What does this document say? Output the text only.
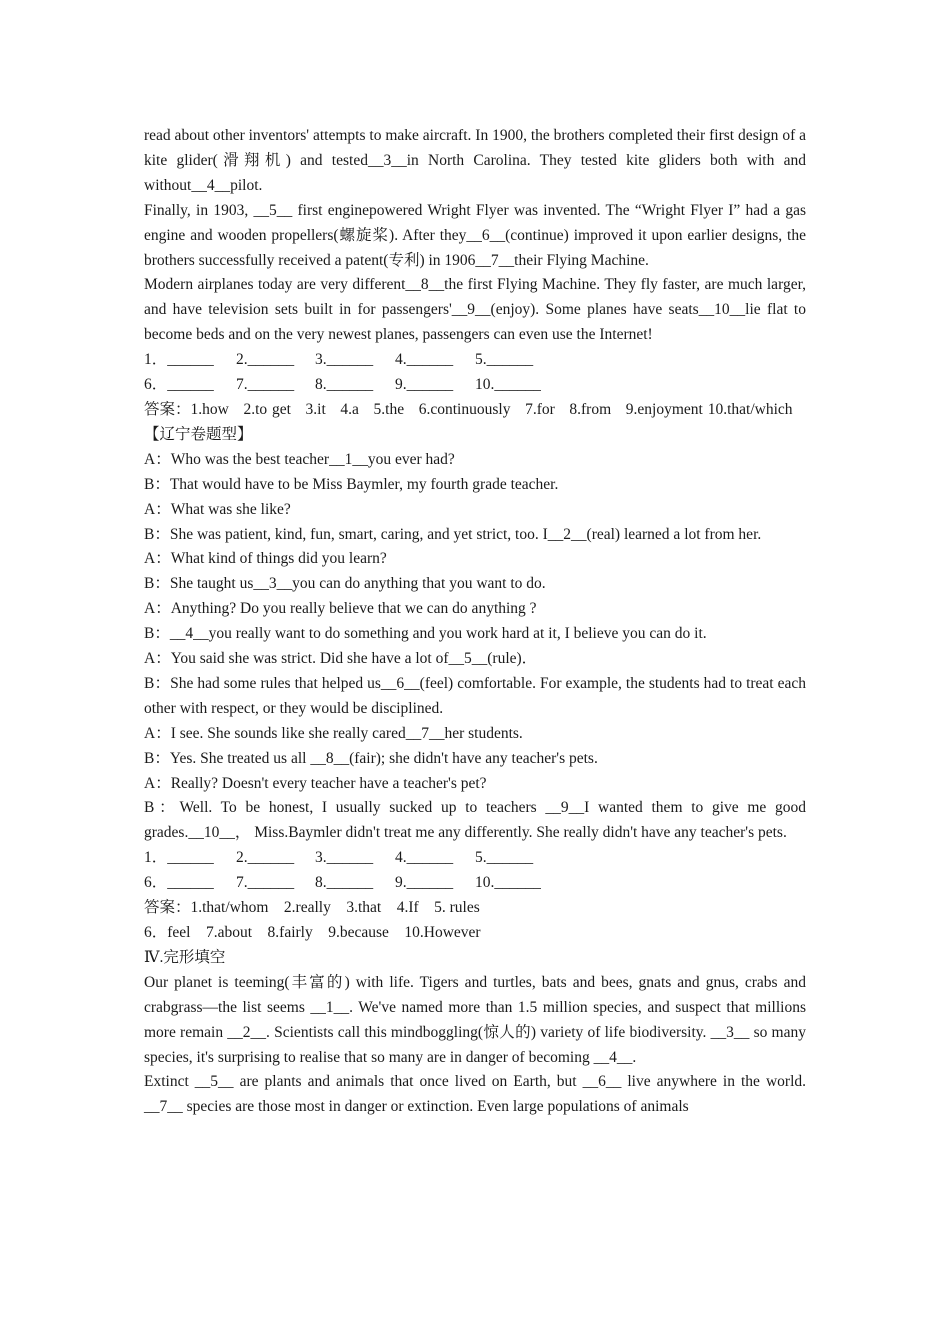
read about other inventors' attempts to make aircraft. In 1900, the brothers completed their first design of a kite glider(滑翔机) and tested__3__in North Carolina. They tested kite gliders both with and without__4__pilot.

Finally, in 1903, __5__ first enginepowered Wright Flyer was invented. The “Wright Flyer I” had a gas engine and wooden propellers(螺旋桨). After they__6__(continue) improved it upon earlier designs, the brothers successfully received a patent(专利) in 1906__7__their Flying Machine.

Modern airplanes today are very different__8__the first Flying Machine. They fly faster, are much larger, and have television sets built in for passengers'__9__(enjoy). Some planes have seats__10__lie flat to become beds and on the very newest planes, passengers can even use the Internet!

1．______	2.______	3.______	4.______	5.______
6．______	7.______	8.______	9.______	10.______

答案：1.how   2.to get   3.it   4.a   5.the   6.continuously   7.for   8.from   9.enjoyment 10.that/which

【辽宁卷题型】

A：Who was the best teacher__1__you ever had?

B：That would have to be Miss Baymler, my fourth grade teacher.

A：What was she like?

B：She was patient, kind, fun, smart, caring, and yet strict, too. I__2__(real) learned a lot from her.

A：What kind of things did you learn?

B：She taught us__3__you can do anything that you want to do.

A：Anything? Do you really believe that we can do anything ?

B：__4__you really want to do something and you work hard at it, I believe you can do it.

A：You said she was strict. Did she have a lot of__5__(rule)．

B：She had some rules that helped us__6__(feel) comfortable. For example, the students had to treat each other with respect, or they would be disciplined.

A：I see. She sounds like she really cared__7__her students.

B：Yes. She treated us all __8__(fair); she didn't have any teacher's pets.

A：Really? Doesn't every teacher have a teacher's pet?

B：Well. To be honest, I usually sucked up to teachers __9__I wanted them to give me good grades.__10__， Miss.Baymler didn't treat me any differently. She really didn't have any teacher's pets.

1．______	2.______	3.______	4.______	5.______
6．______	7.______	8.______	9.______	10.______

答案：1.that/whom    2.really    3.that    4.If    5. rules

6．feel    7.about    8.fairly    9.because    10.However

Ⅳ.完形填空

Our planet is teeming(丰富的) with life. Tigers and turtles, bats and bees, gnats and gnus, crabs and crabgrass—the list seems __1__. We've named more than 1.5 million species, and suspect that millions more remain __2__. Scientists call this mindboggling(惊人的) variety of life biodiversity. __3__ so many species, it's surprising to realise that so many are in danger of becoming __4__.

Extinct __5__ are plants and animals that once lived on Earth, but __6__ live anywhere in the world. __7__ species are those most in danger or extinction. Even large populations of animals
